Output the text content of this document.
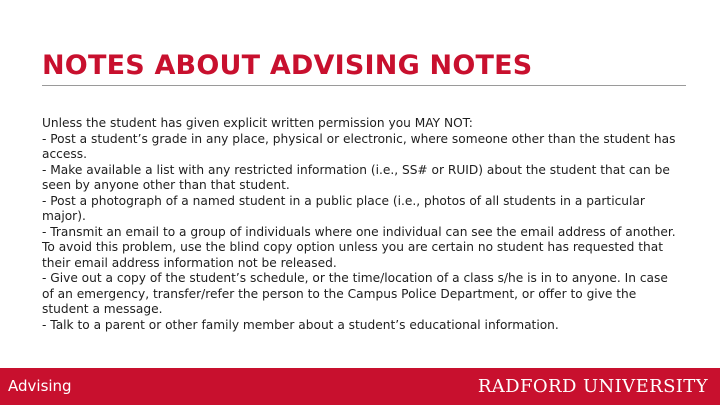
NOTES ABOUT ADVISING NOTES

Unless the student has given explicit written permission you MAY NOT:

- Post a student’s grade in any place, physical or electronic, where someone other than the student has access.

- Make available a list with any restricted information (i.e., SS# or RUID) about the student that can be seen by anyone other than that student.

- Post a photograph of a named student in a public place (i.e., photos of all students in a particular major).

- Transmit an email to a group of individuals where one individual can see the email address of another. To avoid this problem, use the blind copy option unless you are certain no student has requested that their email address information not be released.

- Give out a copy of the student’s schedule, or the time/location of a class s/he is in to anyone. In case of an emergency, transfer/refer the person to the Campus Police Department, or offer to give the student a message.

- Talk to a parent or other family member about a student’s educational information.

Advising	RADFORD UNIVERSITY
